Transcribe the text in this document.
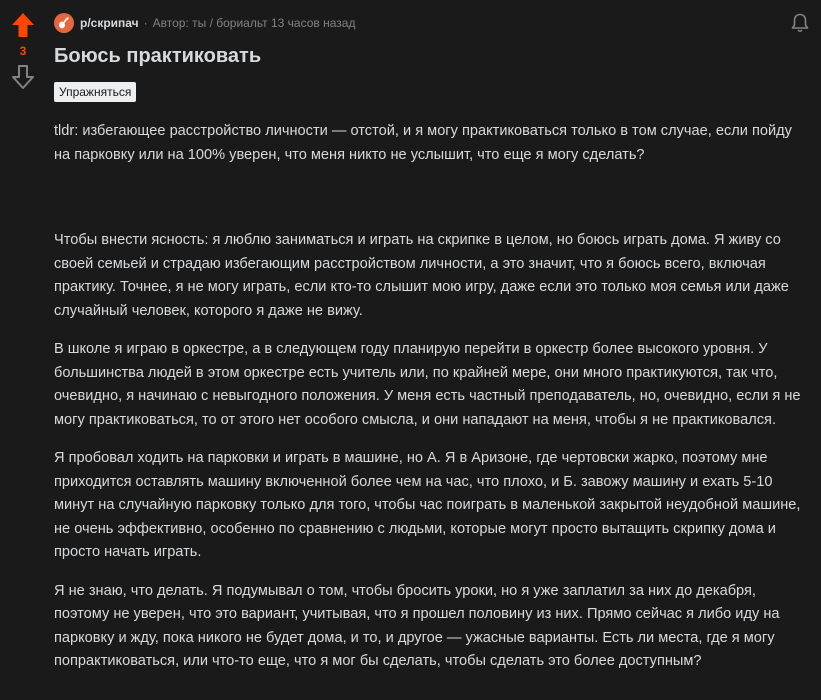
3
р/скрипач · Автор: ты / бориальт 13 часов назад
Боюсь практиковать
Упражняться

tldr: избегающее расстройство личности — отстой, и я могу практиковаться только в том случае, если пойду на парковку или на 100% уверен, что меня никто не услышит, что еще я могу сделать?

Чтобы внести ясность: я люблю заниматься и играть на скрипке в целом, но боюсь играть дома. Я живу со своей семьей и страдаю избегающим расстройством личности, а это значит, что я боюсь всего, включая практику. Точнее, я не могу играть, если кто-то слышит мою игру, даже если это только моя семья или даже случайный человек, которого я даже не вижу.

В школе я играю в оркестре, а в следующем году планирую перейти в оркестр более высокого уровня. У большинства людей в этом оркестре есть учитель или, по крайней мере, они много практикуются, так что, очевидно, я начинаю с невыгодного положения. У меня есть частный преподаватель, но, очевидно, если я не могу практиковаться, то от этого нет особого смысла, и они нападают на меня, чтобы я не практиковался.

Я пробовал ходить на парковки и играть в машине, но А. Я в Аризоне, где чертовски жарко, поэтому мне приходится оставлять машину включенной более чем на час, что плохо, и Б. завожу машину и ехать 5-10 минут на случайную парковку только для того, чтобы час поиграть в маленькой закрытой неудобной машине, не очень эффективно, особенно по сравнению с людьми, которые могут просто вытащить скрипку дома и просто начать играть.

Я не знаю, что делать. Я подумывал о том, чтобы бросить уроки, но я уже заплатил за них до декабря, поэтому не уверен, что это вариант, учитывая, что я прошел половину из них. Прямо сейчас я либо иду на парковку и жду, пока никого не будет дома, и то, и другое — ужасные варианты. Есть ли места, где я могу попрактиковаться, или что-то еще, что я мог бы сделать, чтобы сделать это более доступным?
